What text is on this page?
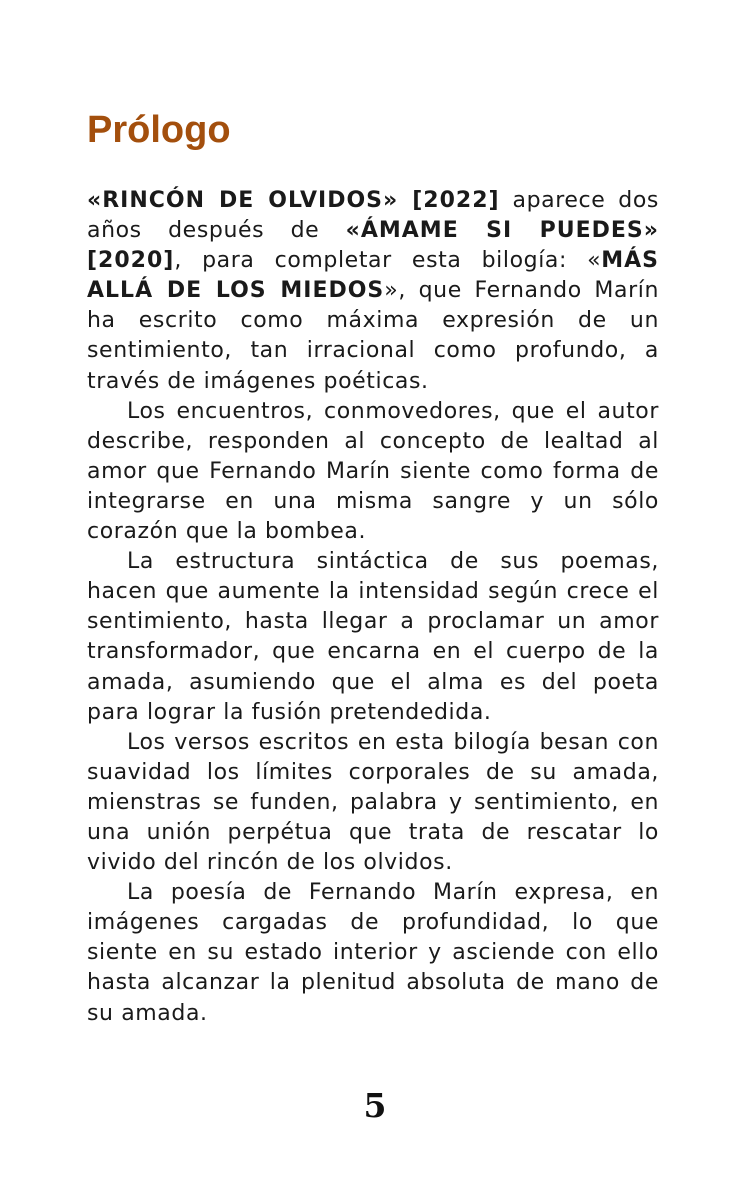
Prólogo

«RINCÓN DE OLVIDOS» [2022] aparece dos años después de «ÁMAME SI PUEDES» [2020], para completar esta bilogía: «MÁS ALLÁ DE LOS MIEDOS», que Fernando Marín ha escrito como máxima expresión de un sentimiento, tan irracional como profundo, a través de imágenes poéticas.

Los encuentros, conmovedores, que el autor describe, responden al concepto de lealtad al amor que Fernando Marín siente como forma de integrarse en una misma sangre y un sólo corazón que la bombea.

La estructura sintáctica de sus poemas, hacen que aumente la intensidad según crece el sentimiento, hasta llegar a proclamar un amor transformador, que encarna en el cuerpo de la amada, asumiendo que el alma es del poeta para lograr la fusión pretendedida.

Los versos escritos en esta bilogía besan con suavidad los límites corporales de su amada, mienstras se funden, palabra y sentimiento, en una unión perpétua que trata de rescatar lo vivido del rincón de los olvidos.

La poesía de Fernando Marín expresa, en imágenes cargadas de profundidad, lo que siente en su estado interior y asciende con ello hasta alcanzar la plenitud absoluta de mano de su amada.

5
